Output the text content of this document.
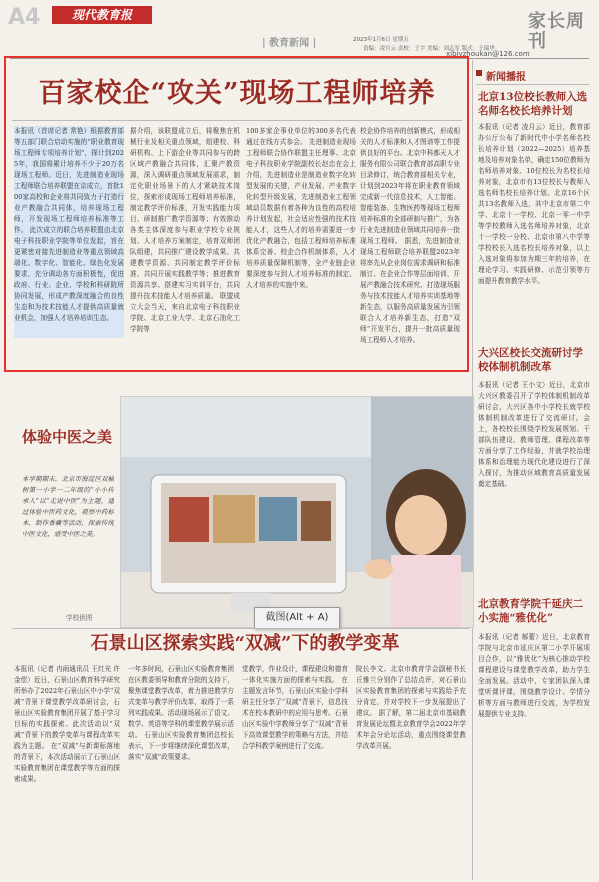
A4	现代教育报
| 教育新闻 |	2023年1月6日 星期五
责编：凌月云 责校：王宇 美编：刘志军 版式：王瑞华
xjbjyzhoukan@126.com
家长周刊
百家校企“攻关”现场工程师培养
本报讯（首席记者 常艳）根据教育部等五部门联合启动实施的“职业教育现场工程师专项培养计划”，探计到2025年，我国将累计培养不少于20万名现场工程师。近日，先进制造业现场工程师联合培养联盟在京成立，首批100家高校和企业将共同致力于打造行业产教融合共同体，培养现场工程师，开发现场工程师培养标准等工作。 此次成立的联合培养联盟由北京电子科技职业学院等单位发起，旨在更紧密对接先进制造业等重点领域高端化、数字化、智能化、绿色化发展要求，充分调动各方面积极性，促进政府、行业、企业、学校和科研院所协同发展，形成产教深度融合的良性生态和为技术技能人才提供高质量就业机会，加强人才培养培训生态。
据介绍，该联盟成立后，将聚焦在机械行业及相关重点领域，组建校、科研机构、上下游企业等共同参与的跨区域产教融合共同体，汇聚产教资源，深入调研重点领域发展需求，制定化职业场景下的人才紧缺技术岗位，探索形成现场工程师培养标准，制定教学评价标准，开发实践能力项目、研制推广教学资源等；有效推动各类主体深度参与职业学校专业规划、人才培养方案制定，培育双师团队组建，共同推广建设教学成果、共建教学资源、共同制定教学评价标准、共同开展实践教学等；推进教育资源共享、搭建实习实训平台，共同提升技术技能人才培养质量。 联盟成立大会当天，来自北京电子科技职业学院、北京工业大学、北京石油化工学院等
100多家企事业单位的300多名代表通过在线方式参会。 先进制造业现场工程师联合协作联盟主任理事、北京电子科技职业学院副校长赵忠在会上介绍，先进制造业是制造业数字化转型发展的关键，产业发展、产业数字化转型升级发展，先进制造业工程领域动员数据有着各种为良性的高校培养计划发起，社会适应性强的技术技能人才，这些人才的培养需要进一步优化产教融合，包括工程师培养标准体系完善、校企合作机制体系，人才培养质量保障机制等，全产业链企业要深度参与到人才培养标准的制定、人才培养的实施中来。
校企协作培养的创新模式，形成相关的人才标准和人才图谱等工作提供良好的平台。北京中科都天人才服务有限公司联合教育部高职专业目录修订，统合教育部相关专业，计划到2023年将在职业教育领域完成新一代信息技术，人工智能、智能装备、生物医药等现场工程师培养标准的全部研制与推广，为各行业先进制造业领域共同培养一批现场工程师。 据悉，先进制造业现场工程师联合培养联盟2023年将率先从企业岗位需求调研和标准制订、在企业合作等层面培训、开展产教融合技术研究、打造现场服务与技术技能人才培养实训基地等新生态，以服务高质量发展为引领联合人才培养新生态，打造“双师”开发平台，提升一批高质量现场工程师人才培养。
新闻播报
北京13位校长教师入选名师名校长培养计划
本报讯（记者 凌月云）近日，教育部办公厅公布了新时代中小学名师名校长培养计划（2022—2025）培养基地及培养对象名单，确定150位教师为名师培养对象、10位校长为名校长培养对象，北京市有13位校长与教师入选名师名校长培养计划。北京16个区共13名教师入选，其中北京市第二中学、北京十一学校、北京一零一中学等学校教师入选名师培养对象，北京十一学校一分校、北京市第八中学等学校校长入选名校长培养对象，以上入选对象将参加为期三年的培养，在理论学习、实践研修、示范引领等方面提升教育教学水平。
大兴区校长交流研讨学校体制机制改革
本报讯（记者 王小文）近日，北京市大兴区教委召开了学校体制机制改革研讨会，大兴区各中小学校长就学校体制机制改革进行了交流研讨。会上，各校校长围绕学校发展规划、干部队伍建设、教师管理、课程改革等方面分享了工作经验，并就学校治理体系和治理能力现代化建设进行了深入探讨，为推动区域教育高质量发展奠定基础。
北京教育学院千延庆二小实施“雅优化”
本报讯（记者 郝蕾）近日，北京教育学院与北京市延庆区第二小学开展项目合作，以“雅优化”为核心推动学校课程建设与课堂教学改革，助力学生全面发展。活动中，专家团队深入课堂听课评课，围绕教学设计、学情分析等方面与教师进行交流，为学校发展提供专业支持。
体验中医之美
本学期期末，北京市海淀区双榆树第一小学一二年级的“小小传承人”以“走进中医”为主题，通过体验中医药文化，观察中药标本，制作香囊等活动，探索传统中医文化，感受中医之美。
学校供图	截图(Alt + A)
石景山区探索实践“双减”下的教学变革
本报讯（记者 冉雨通讯员 王红光 许金偿）近日，石景山区教育科学研究所举办了2022年石景山区中小学“双减”背景下课堂教学改革研讨会，石景山区实验教育集团开展了基于学习目标的实践探索。此次活动以“双减”背景下的教学变革与课程改革实践为主题。 在“双减”与新课标落地的背景下，本次活动展示了石景山区实验教育集团在课堂教学等方面的探索成果。
一年多时间，石景山区实验教育集团在区教委领导和教育分院的支持下，聚焦课堂教学改革，着力推进教学方式变革与教学评价改革，取得了一系列实践成果。活动现场展示了语文、数学、英语等学科的课堂教学展示活动。 石景山区实验教育集团总校长表示，下一步将继续深化课堂改革，落实“双减”政策要求。
堂教学，作业设计，课程建设和德育一体化实施方面的探索与实践。 在主题发言环节，石景山区实验小学科研主任分享了“双减”背景下，信息技术在校本教研中的应用与思考。石景山区实验中学教师分享了“双减”背景下高效课堂教学的策略与方法，并结合学科教学案例进行了交流。
院长李文、北京市教育学会副秘书长丘雅兰分别作了总结点评，对石景山区实验教育集团的探索与实践给予充分肯定，并对学校下一步发展提出了建议。 据了解，第二届北京市基础教育发展论坛暨北京教育学会2022年学术年会分论坛活动，重点围绕课堂教学改革开展。
